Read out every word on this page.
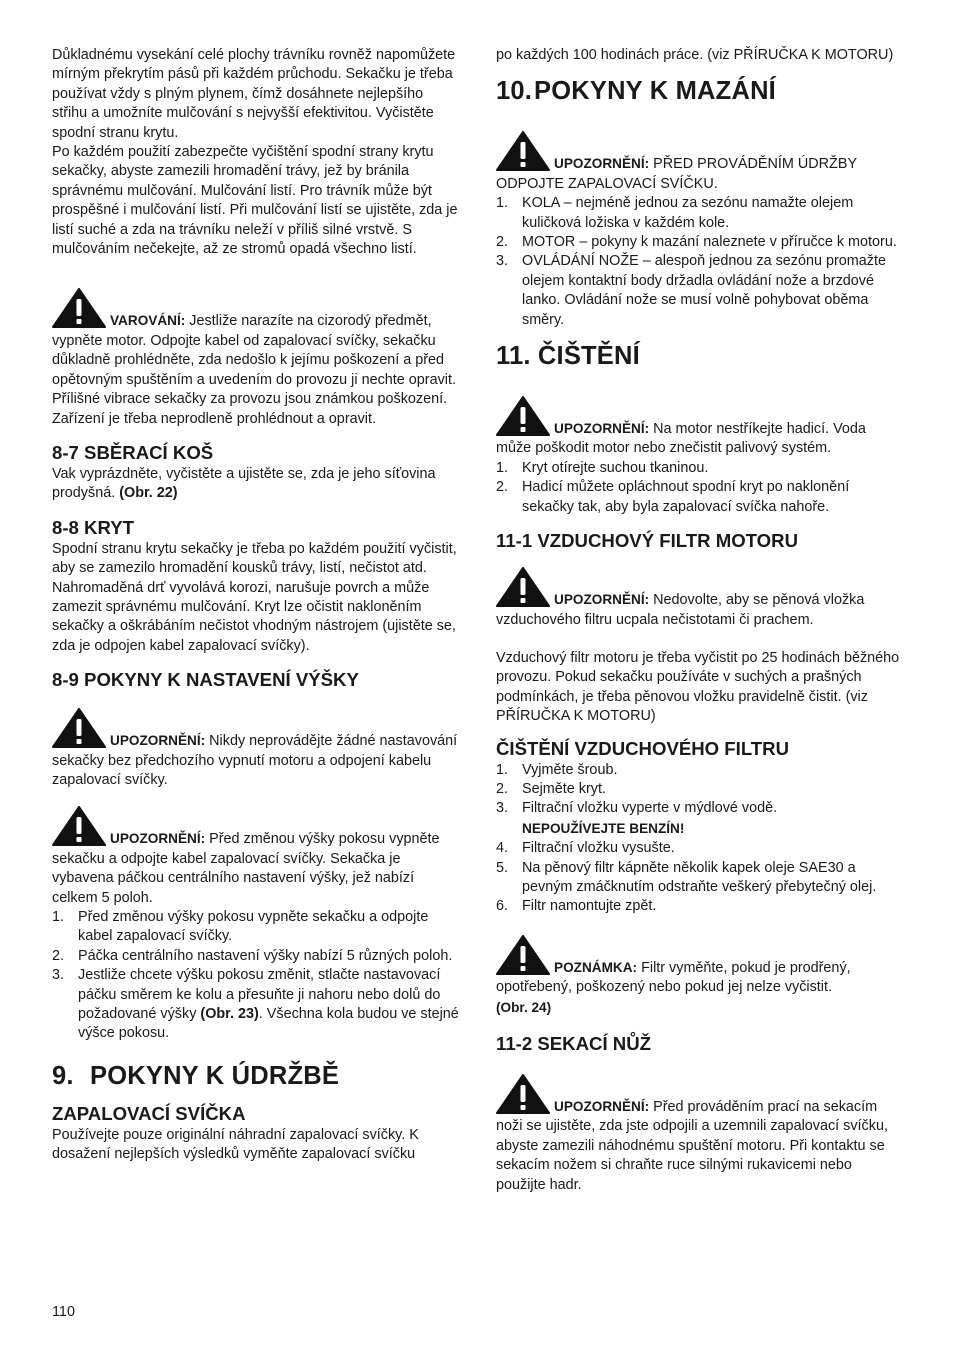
Důkladnému vysekání celé plochy trávníku rovněž napomůžete mírným překrytím pásů při každém průchodu. Sekačku je třeba používat vždy s plným plynem, čímž dosáhnete nejlepšího střihu a umožníte mulčování s nejvyšší efektivitou. Vyčistěte spodní stranu krytu.

Po každém použití zabezpečte vyčištění spodní strany krytu sekačky, abyste zamezili hromadění trávy, jež by bránila správnému mulčování. Mulčování listí. Pro trávník může být prospěšné i mulčování listí. Při mulčování listí se ujistěte, zda je listí suché a zda na trávníku neleží v příliš silné vrstvě. S mulčováním nečekejte, až ze stromů opadá všechno listí.

VAROVÁNÍ: Jestliže narazíte na cizorodý předmět, vypněte motor. Odpojte kabel od zapalovací svíčky, sekačku důkladně prohlédněte, zda nedošlo k jejímu poškození a před opětovným spuštěním a uvedením do provozu ji nechte opravit. Přílišné vibrace sekačky za provozu jsou známkou poškození. Zařízení je třeba neprodleně prohlédnout a opravit.

8-7 SBĚRACÍ KOŠ

Vak vyprázdněte, vyčistěte a ujistěte se, zda je jeho síťovina prodyšná. (Obr. 22)

8-8 KRYT

Spodní stranu krytu sekačky je třeba po každém použití vyčistit, aby se zamezilo hromadění kousků trávy, listí, nečistot atd. Nahromaděná drť vyvolává korozi, narušuje povrch a může zamezit správnému mulčování. Kryt lze očistit nakloněním sekačky a oškrábáním nečistot vhodným nástrojem (ujistěte se, zda je odpojen kabel zapalovací svíčky).

8-9 POKYNY K NASTAVENÍ VÝŠKY

UPOZORNĚNÍ: Nikdy neprovádějte žádné nastavování sekačky bez předchozího vypnutí motoru a odpojení kabelu zapalovací svíčky.

UPOZORNĚNÍ: Před změnou výšky pokosu vypněte sekačku a odpojte kabel zapalovací svíčky. Sekačka je vybavena páčkou centrálního nastavení výšky, jež nabízí celkem 5 poloh.

1. Před změnou výšky pokosu vypněte sekačku a odpojte kabel zapalovací svíčky.
2. Páčka centrálního nastavení výšky nabízí 5 různých poloh.
3. Jestliže chcete výšku pokosu změnit, stlačte nastavovací páčku směrem ke kolu a přesuňte ji nahoru nebo dolů do požadované výšky (Obr. 23). Všechna kola budou ve stejné výšce pokosu.
9. POKYNY K ÚDRŽBĚ
ZAPALOVACÍ SVÍČKA

Používejte pouze originální náhradní zapalovací svíčky. K dosažení nejlepších výsledků vyměňte zapalovací svíčku

po každých 100 hodinách práce. (viz PŘÍRUČKA K MOTORU)

10.POKYNY K MAZÁNÍ

UPOZORNĚNÍ: PŘED PROVÁDĚNÍM ÚDRŽBY ODPOJTE ZAPALOVACÍ SVÍČKU.

1. KOLA – nejméně jednou za sezónu namažte olejem kuličková ložiska v každém kole.
2. MOTOR – pokyny k mazání naleznete v příručce k motoru.
3. OVLÁDÁNÍ NOŽE – alespoň jednou za sezónu promažte olejem kontaktní body držadla ovládání nože a brzdové lanko. Ovládání nože se musí volně pohybovat oběma směry.
11. ČIŠTĚNÍ

UPOZORNĚNÍ: Na motor nestříkejte hadicí. Voda může poškodit motor nebo znečistit palivový systém.

1. Kryt otírejte suchou tkaninou.
2. Hadicí můžete opláchnout spodní kryt po naklonění sekačky tak, aby byla zapalovací svíčka nahoře.
11-1 VZDUCHOVÝ FILTR MOTORU

UPOZORNĚNÍ: Nedovolte, aby se pěnová vložka vzduchového filtru ucpala nečistotami či prachem.

Vzduchový filtr motoru je třeba vyčistit po 25 hodinách běžného provozu. Pokud sekačku používáte v suchých a prašných podmínkách, je třeba pěnovou vložku pravidelně čistit. (viz PŘÍRUČKA K MOTORU)

ČIŠTĚNÍ VZDUCHOVÉHO FILTRU
1. Vyjměte šroub.
2. Sejměte kryt.
3. Filtrační vložku vyperte v mýdlové vodě.
NEPOUŽÍVEJTE BENZÍN!
4. Filtrační vložku vysušte.
5. Na pěnový filtr kápněte několik kapek oleje SAE30 a pevným zmáčknutím odstraňte veškerý přebytečný olej.
6. Filtr namontujte zpět.

POZNÁMKA: Filtr vyměňte, pokud je prodřený, opotřebený, poškozený nebo pokud jej nelze vyčistit.
(Obr. 24)

11-2 SEKACÍ NŮŽ

UPOZORNĚNÍ: Před prováděním prací na sekacím noži se ujistěte, zda jste odpojili a uzemnili zapalovací svíčku, abyste zamezili náhodnému spuštění motoru. Při kontaktu se sekacím nožem si chraňte ruce silnými rukavicemi nebo použijte hadr.

110
